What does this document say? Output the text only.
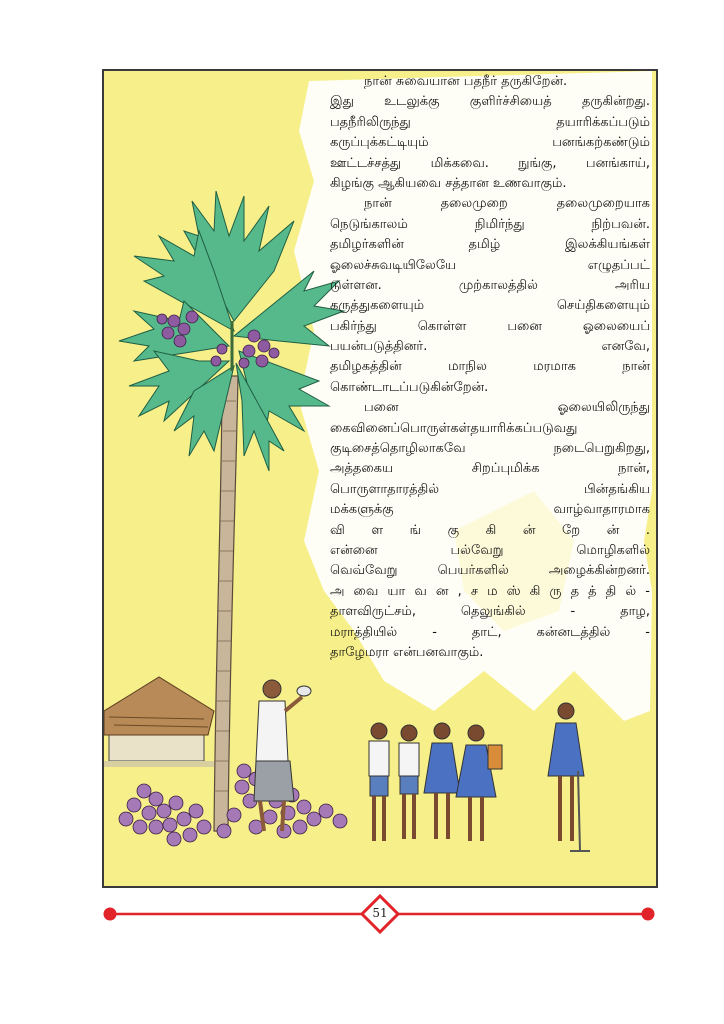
நான் சுவையான பதநீர் தருகிறேன்.
இது உடலுக்கு குளிர்ச்சியைத் தருகின்றது.
பதநீரிலிருந்து	தயாரிக்கப்படும்
கருப்புக்கட்டியும்	பனங்கற்கண்டும்
ஊட்டச்சத்து மிக்கவை. நுங்கு, பனங்காய்,
கிழங்கு ஆகியவை சத்தான உணவாகும்.
நான்	தலைமுறை	தலைமுறையாக
நெடுங்காலம்	நிமிர்ந்து	நிற்பவன்.
தமிழர்களின்	தமிழ்	இலக்கியங்கள்
ஓலைச்சுவடியிலேயே	எழுதப்பட்
டுள்ளன.	முற்காலத்தில்	அரிய
கருத்துகளையும்	செய்திகளையும்
பகிர்ந்து	கொள்ள	பனை	ஓலையைப்
பயன்படுத்தினர்.	எனவே,
தமிழகத்தின்	மாநில	மரமாக	நான்
கொண்டாடப்படுகின்றேன்.
பனை	ஓலையிலிருந்து
கைவினைப்பொருள்கள்தயாரிக்கப்படுவது
குடிசைத்தொழிலாகவே	நடைபெறுகிறது,
அத்தகைய	சிறப்புமிக்க	நான்,
பொருளாதாரத்தில்	பின்தங்கிய
மக்களுக்கு	வாழ்வாதாரமாக
வி ள ங் கு கி ன் றே ன் .
என்னை	பல்வேறு	மொழிகளில்
வெவ்வேறு	பெயர்களில்	அழைக்கின்றனர்.
அ வை யா வ ன , ச ம ஸ் கி ரு த த் தி ல் -
தாளவிருட்சம்,	தெலுங்கில்	-	தாழ,
மராத்தியில்	-	தாட்,	கன்னடத்தில்	-
தாழேமரா என்பனவாகும்.
51
